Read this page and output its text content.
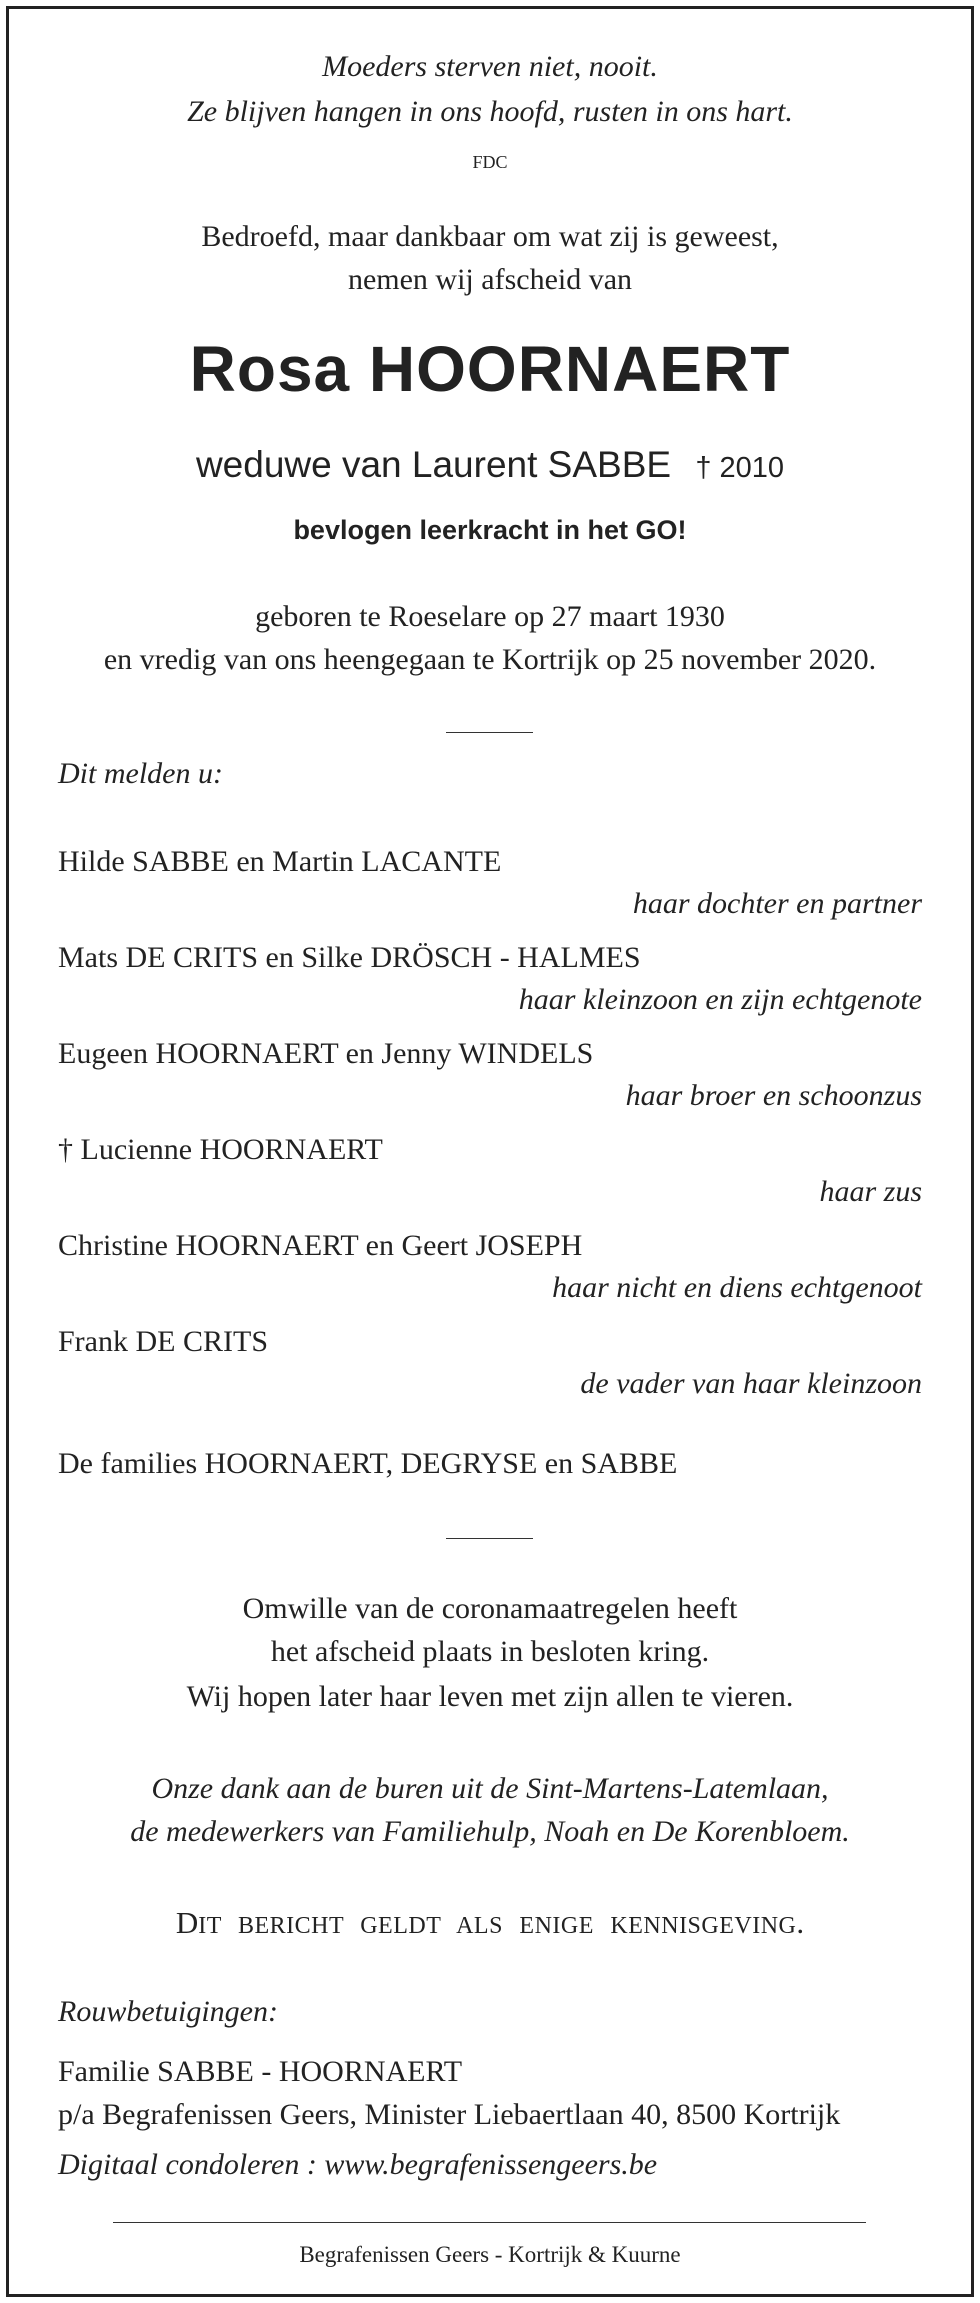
Moeders sterven niet, nooit.
Ze blijven hangen in ons hoofd, rusten in ons hart.
FDC
Bedroefd, maar dankbaar om wat zij is geweest,
nemen wij afscheid van
Rosa HOORNAERT
weduwe van Laurent SABBE † 2010
bevlogen leerkracht in het GO!
geboren te Roeselare op 27 maart 1930
en vredig van ons heengegaan te Kortrijk op 25 november 2020.
Dit melden u:
Hilde SABBE en Martin LACANTE
haar dochter en partner
Mats DE CRITS en Silke DRÖSCH - HALMES
haar kleinzoon en zijn echtgenote
Eugeen HOORNAERT en Jenny WINDELS
haar broer en schoonzus
† Lucienne HOORNAERT
haar zus
Christine HOORNAERT en Geert JOSEPH
haar nicht en diens echtgenoot
Frank DE CRITS
de vader van haar kleinzoon
De families HOORNAERT, DEGRYSE en SABBE
Omwille van de coronamaatregelen heeft
het afscheid plaats in besloten kring.
Wij hopen later haar leven met zijn allen te vieren.
Onze dank aan de buren uit de Sint-Martens-Latemlaan,
de medewerkers van Familiehulp, Noah en De Korenbloem.
DIT BERICHT GELDT ALS ENIGE KENNISGEVING.
Rouwbetuigingen:
Familie SABBE - HOORNAERT
p/a Begrafenissen Geers, Minister Liebaertlaan 40, 8500 Kortrijk
Digitaal condoleren : www.begrafenissengeers.be
Begrafenissen Geers - Kortrijk & Kuurne
